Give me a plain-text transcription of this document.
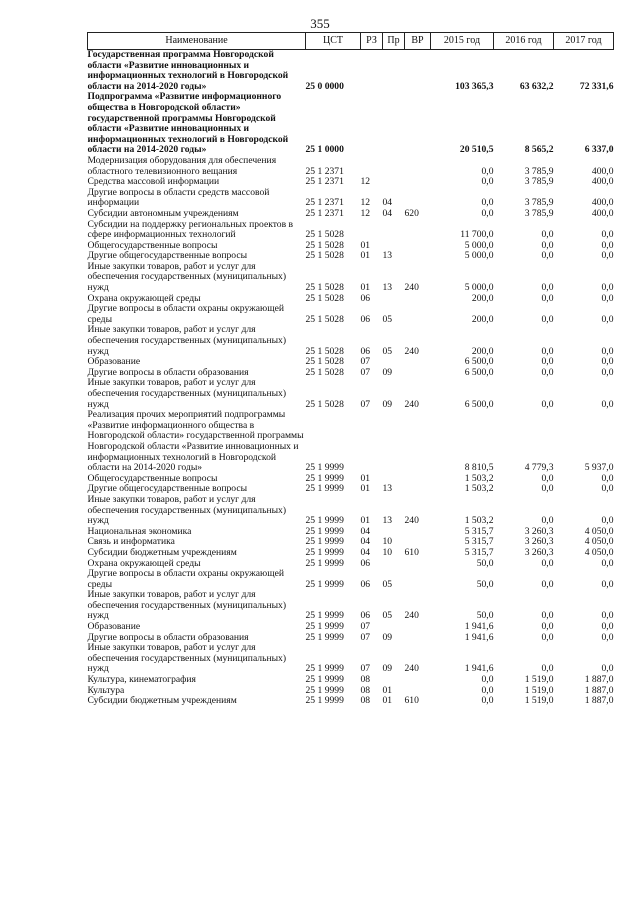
355
Наименование	ЦСТ	РЗ	Пр	ВР	2015 год	2016 год	2017 год
Государственная программа Новгородской области «Развитие инновационных и информационных технологий в Новгородской области на 2014-2020 годы»	25 0 0000				103 365,3	63 632,2	72 331,6
Подпрограмма «Развитие информационного общества в Новгородской области» государственной программы Новгородской области «Развитие инновационных и информационных технологий в Новгородской области на 2014-2020 годы»	25 1 0000				20 510,5	8 565,2	6 337,0
Модернизация оборудования для обеспечения областного телевизионного вещания	25 1 2371				0,0	3 785,9	400,0
Средства массовой информации	25 1 2371	12			0,0	3 785,9	400,0
Другие вопросы в области средств массовой информации	25 1 2371	12	04		0,0	3 785,9	400,0
Субсидии автономным учреждениям	25 1 2371	12	04	620	0,0	3 785,9	400,0
Субсидии на поддержку региональных проектов в сфере информационных технологий	25 1 5028				11 700,0	0,0	0,0
Общегосударственные вопросы	25 1 5028	01			5 000,0	0,0	0,0
Другие общегосударственные вопросы	25 1 5028	01	13		5 000,0	0,0	0,0
Иные закупки товаров, работ и услуг для обеспечения государственных (муниципальных) нужд	25 1 5028	01	13	240	5 000,0	0,0	0,0
Охрана окружающей среды	25 1 5028	06			200,0	0,0	0,0
Другие вопросы в области охраны окружающей среды	25 1 5028	06	05		200,0	0,0	0,0
Иные закупки товаров, работ и услуг для обеспечения государственных (муниципальных) нужд	25 1 5028	06	05	240	200,0	0,0	0,0
Образование	25 1 5028	07			6 500,0	0,0	0,0
Другие вопросы в области образования	25 1 5028	07	09		6 500,0	0,0	0,0
Иные закупки товаров, работ и услуг для обеспечения государственных (муниципальных) нужд	25 1 5028	07	09	240	6 500,0	0,0	0,0
Реализация прочих мероприятий подпрограммы «Развитие информационного общества в Новгородской области» государственной программы Новгородской области «Развитие инновационных и информационных технологий в Новгородской области на 2014-2020 годы»	25 1 9999				8 810,5	4 779,3	5 937,0
Общегосударственные вопросы	25 1 9999	01			1 503,2	0,0	0,0
Другие общегосударственные вопросы	25 1 9999	01	13		1 503,2	0,0	0,0
Иные закупки товаров, работ и услуг для обеспечения государственных (муниципальных) нужд	25 1 9999	01	13	240	1 503,2	0,0	0,0
Национальная экономика	25 1 9999	04			5 315,7	3 260,3	4 050,0
Связь и информатика	25 1 9999	04	10		5 315,7	3 260,3	4 050,0
Субсидии бюджетным учреждениям	25 1 9999	04	10	610	5 315,7	3 260,3	4 050,0
Охрана окружающей среды	25 1 9999	06			50,0	0,0	0,0
Другие вопросы в области охраны окружающей среды	25 1 9999	06	05		50,0	0,0	0,0
Иные закупки товаров, работ и услуг для обеспечения государственных (муниципальных) нужд	25 1 9999	06	05	240	50,0	0,0	0,0
Образование	25 1 9999	07			1 941,6	0,0	0,0
Другие вопросы в области образования	25 1 9999	07	09		1 941,6	0,0	0,0
Иные закупки товаров, работ и услуг для обеспечения государственных (муниципальных) нужд	25 1 9999	07	09	240	1 941,6	0,0	0,0
Культура, кинематография	25 1 9999	08			0,0	1 519,0	1 887,0
Культура	25 1 9999	08	01		0,0	1 519,0	1 887,0
Субсидии бюджетным учреждениям	25 1 9999	08	01	610	0,0	1 519,0	1 887,0
